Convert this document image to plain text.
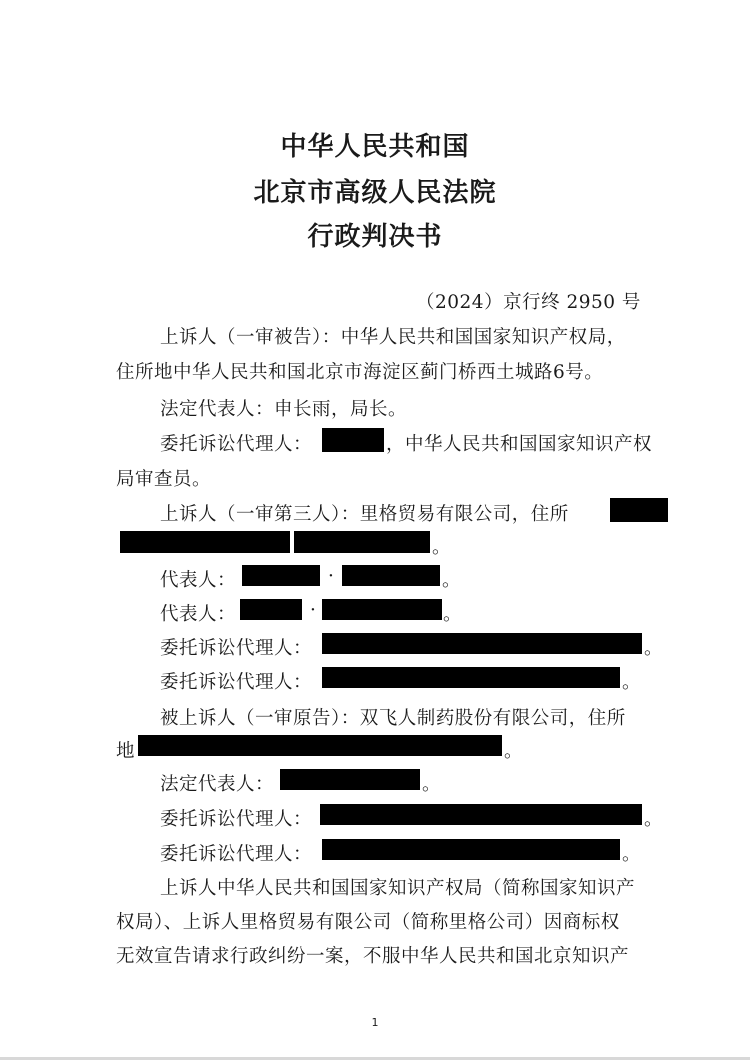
中华人民共和国
北京市高级人民法院
行政判决书
（2024）京行终 2950 号
上诉人（一审被告）：中华人民共和国国家知识产权局，
住所地中华人民共和国北京市海淀区蓟门桥西土城路6号。
法定代表人：申长雨，局长。
委托诉讼代理人：	，中华人民共和国国家知识产权
局审查员。
上诉人（一审第三人）：里格贸易有限公司，住所
。
代表人：	·	。
代表人：	·	。
委托诉讼代理人：	。
委托诉讼代理人：	。
被上诉人（一审原告）：双飞人制药股份有限公司，住所
地	。
法定代表人：	。
委托诉讼代理人：	。
委托诉讼代理人：	。
上诉人中华人民共和国国家知识产权局（简称国家知识产
权局）、上诉人里格贸易有限公司（简称里格公司）因商标权
无效宣告请求行政纠纷一案，不服中华人民共和国北京知识产
1
